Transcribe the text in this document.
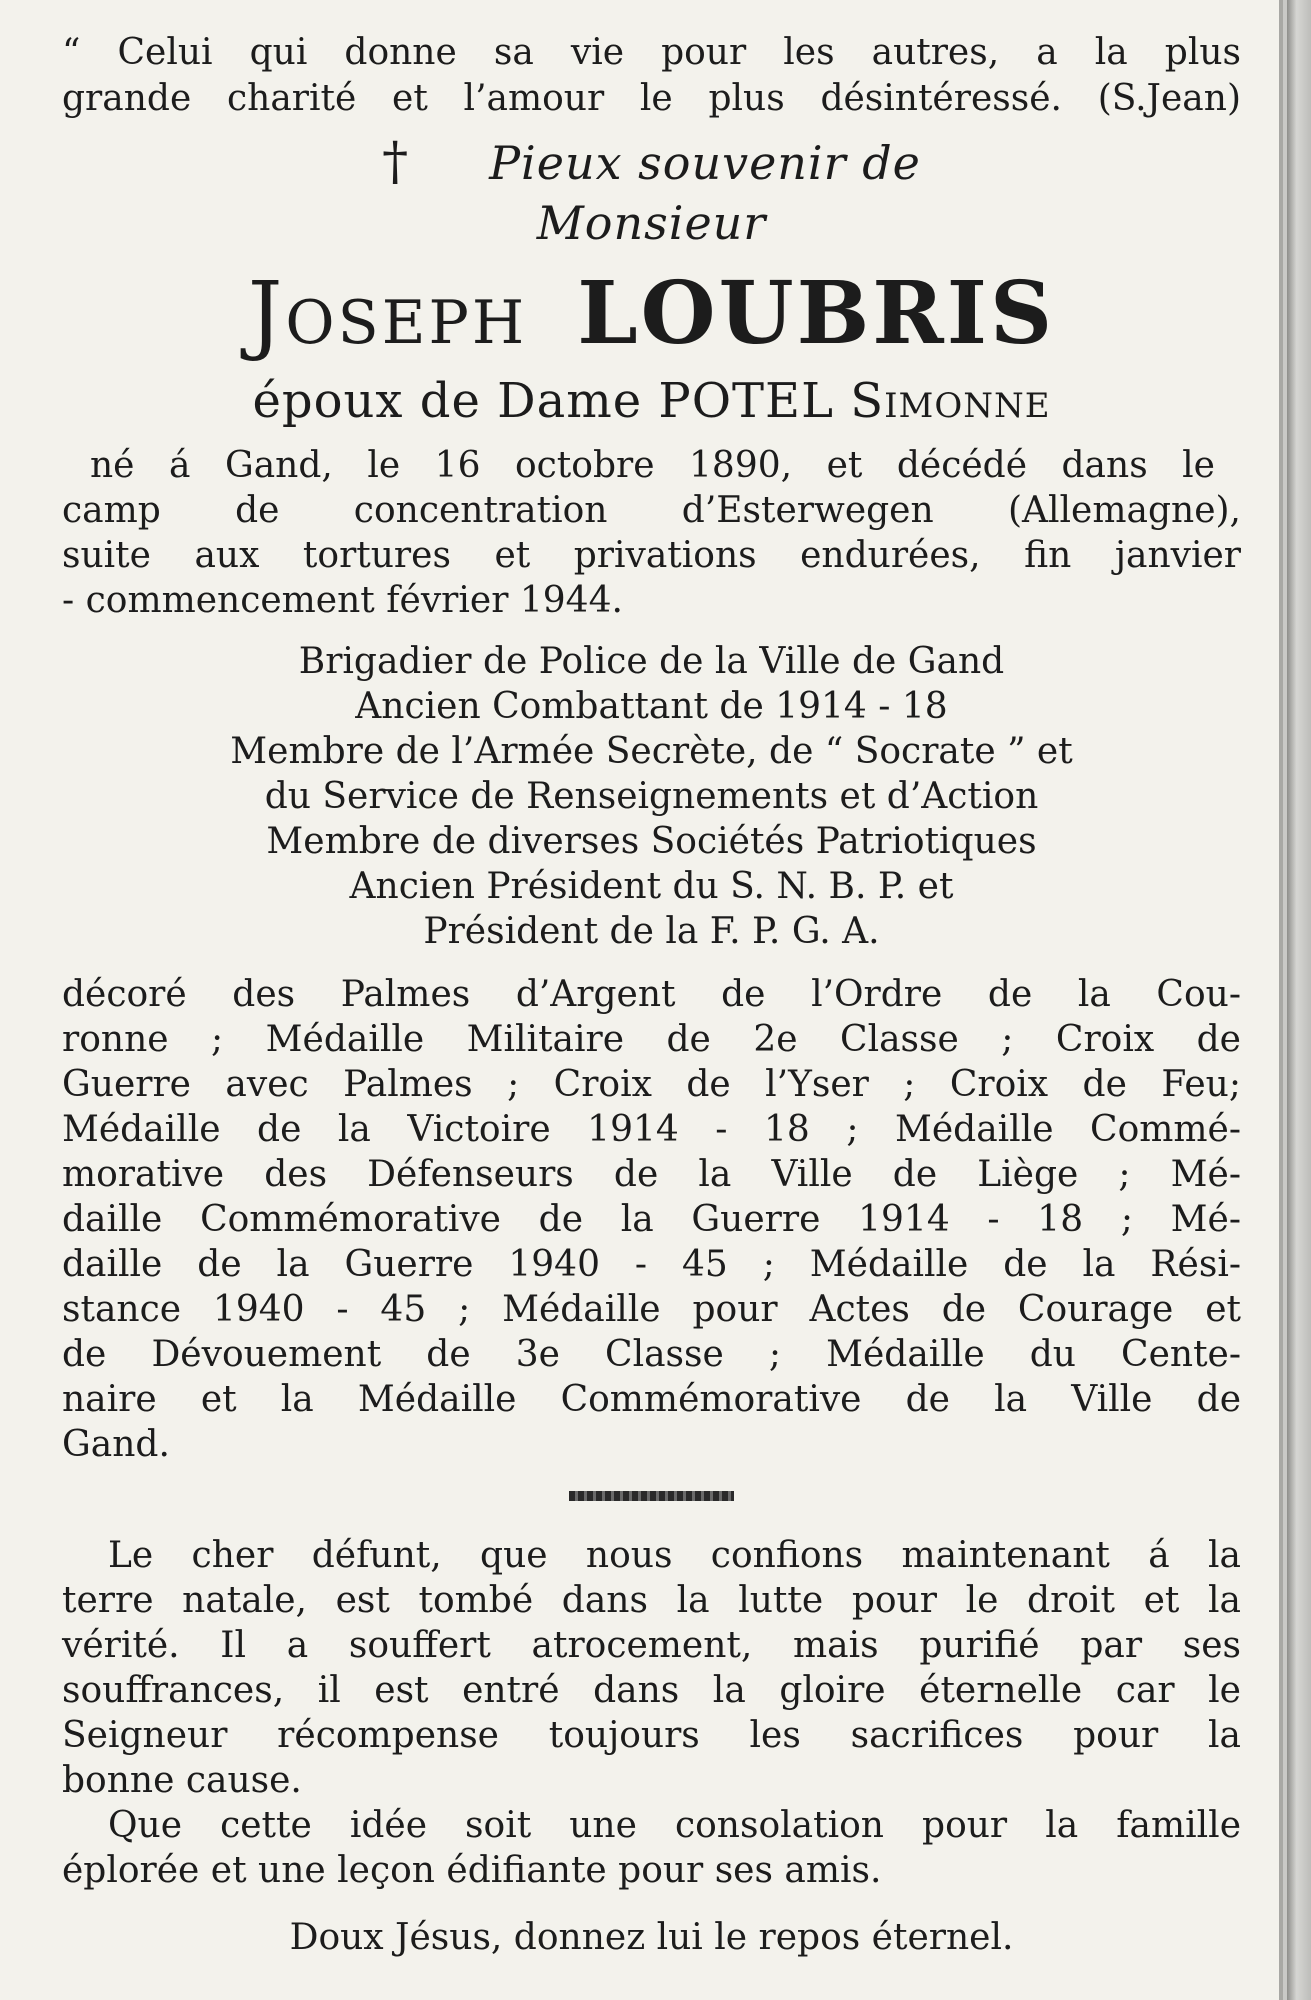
“ Celui qui donne sa vie pour les autres, a la plus
grande charité et l’amour le plus désintéressé. (S.Jean)
† Pieux souvenir de
Monsieur
Joseph LOUBRIS
époux de Dame POTEL Simonne
né á Gand, le 16 octobre 1890, et décédé dans le
camp de concentration d’Esterwegen (Allemagne),
suite aux tortures et privations endurées, fin janvier
- commencement février 1944.
Brigadier de Police de la Ville de Gand
Ancien Combattant de 1914 - 18
Membre de l’Armée Secrète, de “ Socrate ” et
du Service de Renseignements et d’Action
Membre de diverses Sociétés Patriotiques
Ancien Président du S. N. B. P. et
Président de la F. P. G. A.
décoré des Palmes d’Argent de l’Ordre de la Cou-
ronne ; Médaille Militaire de 2e Classe ; Croix de
Guerre avec Palmes ; Croix de l’Yser ; Croix de Feu;
Médaille de la Victoire 1914 - 18 ; Médaille Commé-
morative des Défenseurs de la Ville de Liège ; Mé-
daille Commémorative de la Guerre 1914 - 18 ; Mé-
daille de la Guerre 1940 - 45 ; Médaille de la Rési-
stance 1940 - 45 ; Médaille pour Actes de Courage et
de Dévouement de 3e Classe ; Médaille du Cente-
naire et la Médaille Commémorative de la Ville de
Gand.
Le cher défunt, que nous confions maintenant á la
terre natale, est tombé dans la lutte pour le droit et la
vérité. Il a souffert atrocement, mais purifié par ses
souffrances, il est entré dans la gloire éternelle car le
Seigneur récompense toujours les sacrifices pour la
bonne cause.
Que cette idée soit une consolation pour la famille
éplorée et une leçon édifiante pour ses amis.
Doux Jésus, donnez lui le repos éternel.
